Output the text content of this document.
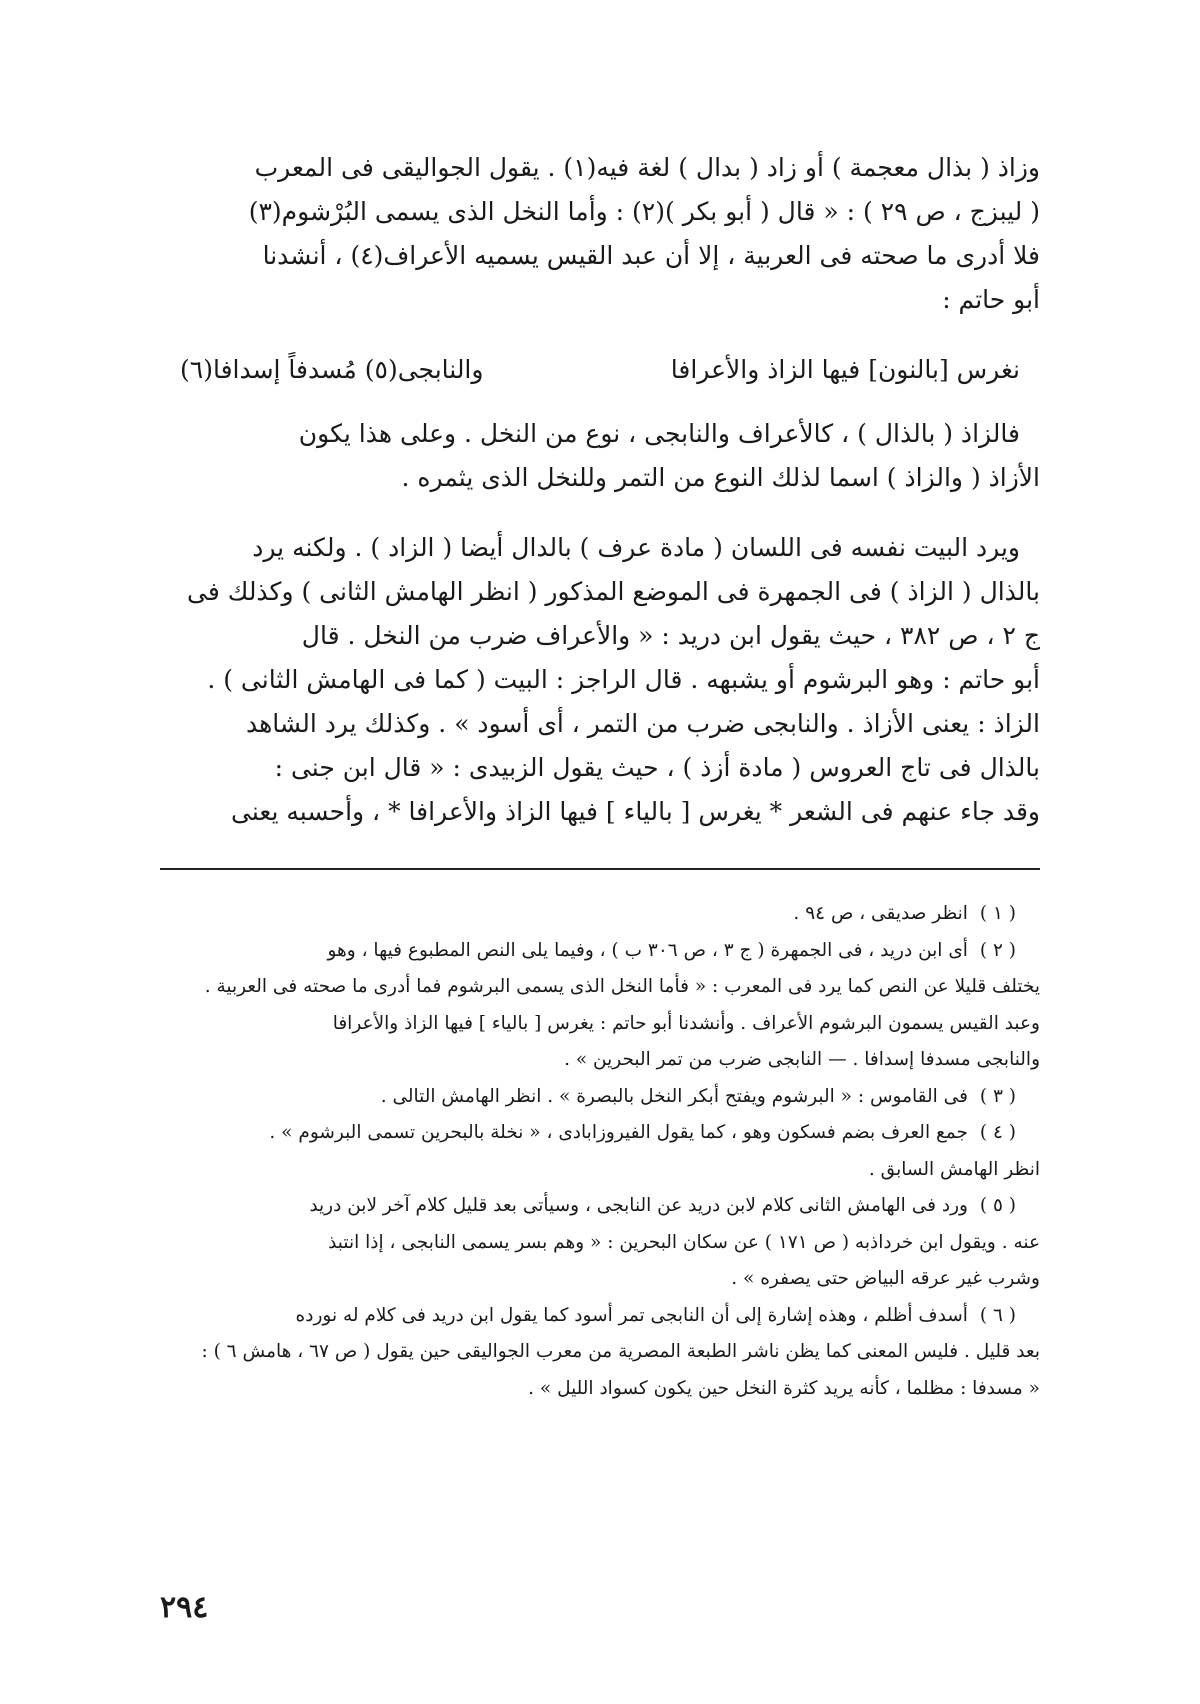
وزاذ ( بذال معجمة ) أو زاد ( بدال ) لغة فيه(١) . يقول الجواليقى فى المعرب

( ليبزج ، ص ٢٩ ) : « قال ( أبو بكر )(٢) : وأما النخل الذى يسمى البُرْشوم(٣)

فلا أدرى ما صحته فى العربية ، إلا أن عبد القيس يسميه الأعراف(٤) ، أنشدنا

أبو حاتم :

نغرس [بالنون] فيها الزاذ والأعرافا
والنابجى(٥) مُسدفاً إسدافا(٦)

فالزاذ ( بالذال ) ، كالأعراف والنابجى ، نوع من النخل . وعلى هذا يكون

الأزاذ ( والزاذ ) اسما لذلك النوع من التمر وللنخل الذى يثمره .

ويرد البيت نفسه فى اللسان ( مادة عرف ) بالدال أيضا ( الزاد ) . ولكنه يرد

بالذال ( الزاذ ) فى الجمهرة فى الموضع المذكور ( انظر الهامش الثانى ) وكذلك فى

ج ٢ ، ص ٣٨٢ ، حيث يقول ابن دريد : « والأعراف ضرب من النخل . قال

أبو حاتم : وهو البرشوم أو يشبهه . قال الراجز : البيت ( كما فى الهامش الثانى ) .

الزاذ : يعنى الأزاذ . والنابجى ضرب من التمر ، أى أسود » . وكذلك يرد الشاهد

بالذال فى تاج العروس ( مادة أزذ ) ، حيث يقول الزبيدى : « قال ابن جنى :

وقد جاء عنهم فى الشعر * يغرس [ بالياء ] فيها الزاذ والأعرافا * ، وأحسبه يعنى

( ١ ) انظر صديقى ، ص ٩٤ .

( ٢ ) أى ابن دريد ، فى الجمهرة ( ج ٣ ، ص ٣٠٦ ب ) ، وفيما يلى النص المطبوع فيها ، وهو

يختلف قليلا عن النص كما يرد فى المعرب : « فأما النخل الذى يسمى البرشوم فما أدرى ما صحته فى العربية .

وعبد القيس يسمون البرشوم الأعراف . وأنشدنا أبو حاتم : يغرس [ بالياء ] فيها الزاذ والأعرافا

والنابجى مسدفا إسدافا . — النابجى ضرب من تمر البحرين » .

( ٣ ) فى القاموس : « البرشوم ويفتح أبكر النخل بالبصرة » . انظر الهامش التالى .

( ٤ ) جمع العرف بضم فسكون وهو ، كما يقول الفيروزابادى ، « نخلة بالبحرين تسمى البرشوم » .

انظر الهامش السابق .

( ٥ ) ورد فى الهامش الثانى كلام لابن دريد عن النابجى ، وسيأتى بعد قليل كلام آخر لابن دريد

عنه . ويقول ابن خرداذبه ( ص ١٧١ ) عن سكان البحرين : « وهم بسر يسمى النابجى ، إذا انتبذ

وشرب غير عرقه البياض حتى يصفره » .

( ٦ ) أسدف أظلم ، وهذه إشارة إلى أن النابجى تمر أسود كما يقول ابن دريد فى كلام له نورده

بعد قليل . فليس المعنى كما يظن ناشر الطبعة المصرية من معرب الجواليقى حين يقول ( ص ٦٧ ، هامش ٦ ) :

« مسدفا : مظلما ، كأنه يريد كثرة النخل حين يكون كسواد الليل » .

٢٩٤
